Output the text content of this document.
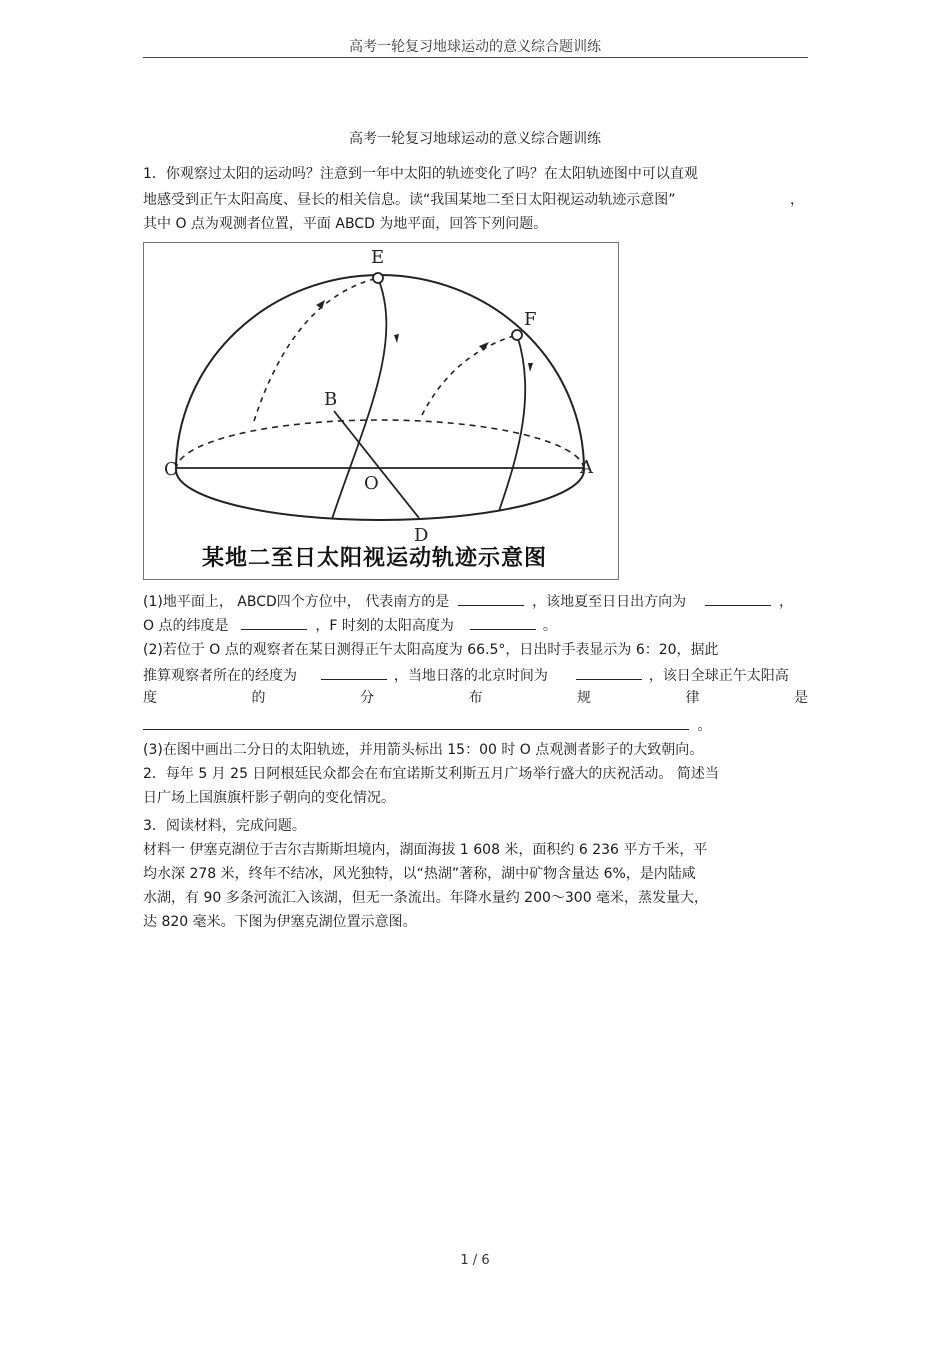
高考一轮复习地球运动的意义综合题训练
高考一轮复习地球运动的意义综合题训练
1．你观察过太阳的运动吗？注意到一年中太阳的轨迹变化了吗？在太阳轨迹图中可以直观
地感受到正午太阳高度、昼长的相关信息。读“我国某地二至日太阳视运动轨迹示意图”	，
其中 O 点为观测者位置，平面 ABCD 为地平面，回答下列问题。
E
F
B
C	A
O
D
某地二至日太阳视运动轨迹示意图
(1)地平面上， ABCD四个方位中， 代表南方的是	，该地夏至日日出方向为	，
O 点的纬度是	，F 时刻的太阳高度为	。
(2)若位于 O 点的观察者在某日测得正午太阳高度为 66.5°，日出时手表显示为 6：20，据此
推算观察者所在的经度为	，当地日落的北京时间为	，该日全球正午太阳高
度	的	分	布	规	律	是
。
(3)在图中画出二分日的太阳轨迹，并用箭头标出 15：00 时 O 点观测者影子的大致朝向。
2．每年 5 月 25 日阿根廷民众都会在布宜诺斯艾利斯五月广场举行盛大的庆祝活动。 简述当
日广场上国旗旗杆影子朝向的变化情况。
3．阅读材料，完成问题。
材料一 伊塞克湖位于吉尔吉斯斯坦境内，湖面海拔 1 608 米，面积约 6 236 平方千米，平
均水深 278 米，终年不结冰，风光独特，以“热湖”著称，湖中矿物含量达 6%，是内陆咸
水湖，有 90 多条河流汇入该湖，但无一条流出。年降水量约 200～300 毫米，蒸发量大，
达 820 毫米。下图为伊塞克湖位置示意图。
1 / 6
